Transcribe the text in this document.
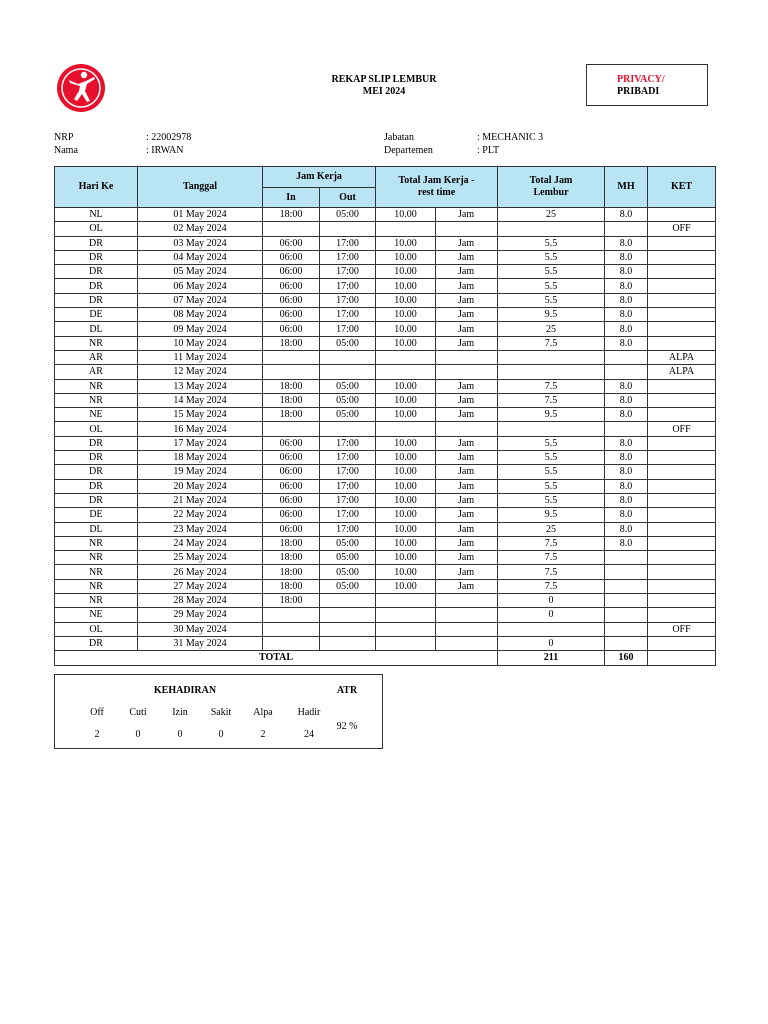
REKAP SLIP LEMBUR
MEI 2024
PRIVACY/
PRIBADI
NRP	: 22002978
Nama	: IRWAN
Jabatan	: MECHANIC 3
Departemen	: PLT
Hari Ke	Tanggal	Jam Kerja		Total Jam Kerja - rest time		Total Jam Lembur	MH	KET
		In	Out					
NL	01 May 2024	18:00	05:00	10.00	Jam	25	8.0	
OL	02 May 2024							OFF
DR	03 May 2024	06:00	17:00	10.00	Jam	5.5	8.0	
DR	04 May 2024	06:00	17:00	10.00	Jam	5.5	8.0	
DR	05 May 2024	06:00	17:00	10.00	Jam	5.5	8.0	
DR	06 May 2024	06:00	17:00	10.00	Jam	5.5	8.0	
DR	07 May 2024	06:00	17:00	10.00	Jam	5.5	8.0	
DE	08 May 2024	06:00	17:00	10.00	Jam	9.5	8.0	
DL	09 May 2024	06:00	17:00	10.00	Jam	25	8.0	
NR	10 May 2024	18:00	05:00	10.00	Jam	7.5	8.0	
AR	11 May 2024							ALPA
AR	12 May 2024							ALPA
NR	13 May 2024	18:00	05:00	10.00	Jam	7.5	8.0	
NR	14 May 2024	18:00	05:00	10.00	Jam	7.5	8.0	
NE	15 May 2024	18:00	05:00	10.00	Jam	9.5	8.0	
OL	16 May 2024							OFF
DR	17 May 2024	06:00	17:00	10.00	Jam	5.5	8.0	
DR	18 May 2024	06:00	17:00	10.00	Jam	5.5	8.0	
DR	19 May 2024	06:00	17:00	10.00	Jam	5.5	8.0	
DR	20 May 2024	06:00	17:00	10.00	Jam	5.5	8.0	
DR	21 May 2024	06:00	17:00	10.00	Jam	5.5	8.0	
DE	22 May 2024	06:00	17:00	10.00	Jam	9.5	8.0	
DL	23 May 2024	06:00	17:00	10.00	Jam	25	8.0	
NR	24 May 2024	18:00	05:00	10.00	Jam	7.5	8.0	
NR	25 May 2024	18:00	05:00	10.00	Jam	7.5		
NR	26 May 2024	18:00	05:00	10.00	Jam	7.5		
NR	27 May 2024	18:00	05:00	10.00	Jam	7.5		
NR	28 May 2024	18:00				0		
NE	29 May 2024					0		
OL	30 May 2024							OFF
DR	31 May 2024					0		
TOTAL						211	160	
KEHADIRAN	ATR
92 %
Off
2
Cuti
0
Izin
0
Sakit
0
Alpa
2
Hadir
24
